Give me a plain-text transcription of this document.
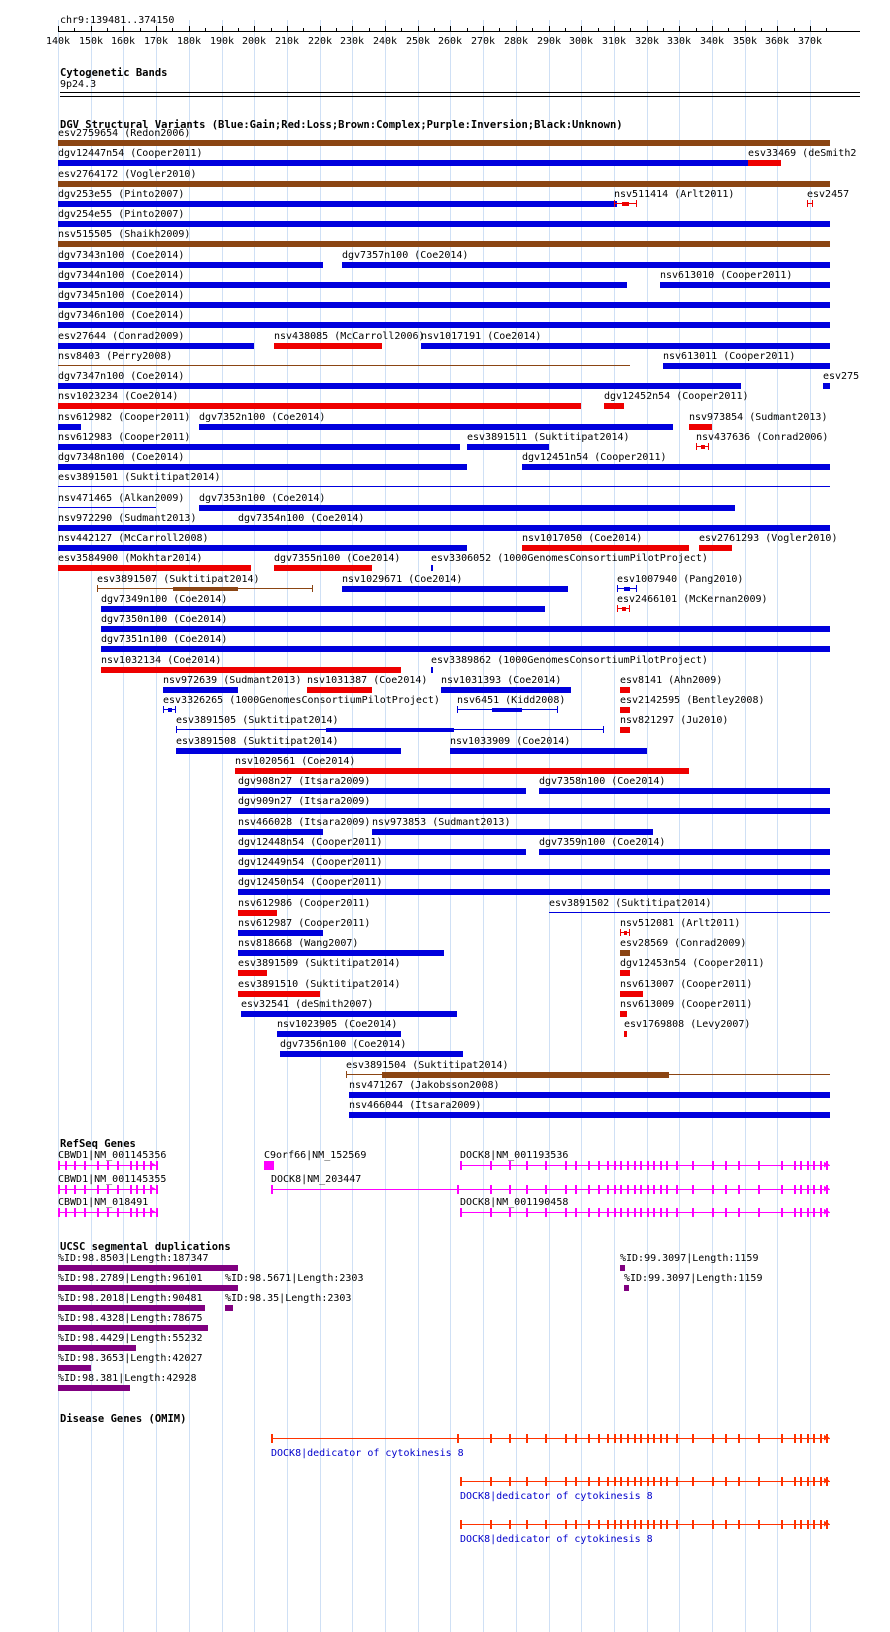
chr9:139481..374150
140k 150k 160k 170k 180k 190k 200k 210k 220k 230k 240k 250k 260k 270k 280k 290k 300k 310k 320k 330k 340k 350k 360k 370k
Cytogenetic Bands
9p24.3
DGV Structural Variants (Blue:Gain;Red:Loss;Brown:Complex;Purple:Inversion;Black:Unknown)
esv2759654 (Redon2006)
dgv12447n54 (Cooper2011)	esv33469 (deSmith2
esv2764172 (Vogler2010)
dgv253e55 (Pinto2007)	nsv511414 (Arlt2011)	esv2457
dgv254e55 (Pinto2007)
nsv515505 (Shaikh2009)
dgv7343n100 (Coe2014)	dgv7357n100 (Coe2014)
dgv7344n100 (Coe2014)	nsv613010 (Cooper2011)
dgv7345n100 (Coe2014)
dgv7346n100 (Coe2014)
esv27644 (Conrad2009)	nsv438085 (McCarroll2006)
nsv1017191 (Coe2014)
nsv8403 (Perry2008)	nsv613011 (Cooper2011)
dgv7347n100 (Coe2014)	esv275
nsv1023234 (Coe2014)	dgv12452n54 (Cooper2011)
nsv612982 (Cooper2011) dgv7352n100 (Coe2014)	nsv973854 (Sudmant2013)
nsv612983 (Cooper2011)	esv3891511 (Suktitipat2014)	nsv437636 (Conrad2006)
dgv7348n100 (Coe2014)	dgv12451n54 (Cooper2011)
esv3891501 (Suktitipat2014)
nsv471465 (Alkan2009) dgv7353n100 (Coe2014)
nsv972290 (Sudmant2013)	dgv7354n100 (Coe2014)
nsv442127 (McCarroll2008)	nsv1017050 (Coe2014)	esv2761293 (Vogler2010)
esv3584900 (Mokhtar2014)	dgv7355n100 (Coe2014)	esv3306052 (1000GenomesConsortiumPilotProject)
esv3891507 (Suktitipat2014)	nsv1029671 (Coe2014)	esv1007940 (Pang2010)
dgv7349n100 (Coe2014)	esv2466101 (McKernan2009)
dgv7350n100 (Coe2014)
dgv7351n100 (Coe2014)
nsv1032134 (Coe2014)	esv3389862 (1000GenomesConsortiumPilotProject)
nsv972639 (Sudmant2013) nsv1031387 (Coe2014) nsv1031393 (Coe2014)	esv8141 (Ahn2009)
esv3326265 (1000GenomesConsortiumPilotProject) nsv6451 (Kidd2008)	esv2142595 (Bentley2008)
esv3891505 (Suktitipat2014)	nsv821297 (Ju2010)
esv3891508 (Suktitipat2014)	nsv1033909 (Coe2014)
nsv1020561 (Coe2014)
dgv908n27 (Itsara2009)	dgv7358n100 (Coe2014)
dgv909n27 (Itsara2009)
nsv466028 (Itsara2009) nsv973853 (Sudmant2013)
dgv12448n54 (Cooper2011)	dgv7359n100 (Coe2014)
dgv12449n54 (Cooper2011)
dgv12450n54 (Cooper2011)
nsv612986 (Cooper2011)	esv3891502 (Suktitipat2014)
nsv612987 (Cooper2011)	nsv512081 (Arlt2011)
nsv818668 (Wang2007)	esv28569 (Conrad2009)
esv3891509 (Suktitipat2014)	dgv12453n54 (Cooper2011)
esv3891510 (Suktitipat2014)	nsv613007 (Cooper2011)
esv32541 (deSmith2007)	nsv613009 (Cooper2011)
nsv1023905 (Coe2014)	esv1769808 (Levy2007)
dgv7356n100 (Coe2014)
esv3891504 (Suktitipat2014)
nsv471267 (Jakobsson2008)
nsv466044 (Itsara2009)
RefSeq Genes
CBWD1|NM_001145356
▶
C9orf66|NM_152569	DOCK8|NM_001193536
▶
CBWD1|NM_001145355
▶
DOCK8|NM_203447
▶
CBWD1|NM_018491
▶
DOCK8|NM_001190458
▶
UCSC segmental duplications
%ID:98.8503|Length:187347	%ID:99.3097|Length:1159
%ID:98.2789|Length:96101 %ID:98.5671|Length:2303	%ID:99.3097|Length:1159
%ID:98.2018|Length:90481 %ID:98.35|Length:2303
%ID:98.4328|Length:78675
%ID:98.4429|Length:55232
%ID:98.3653|Length:42027
%ID:98.381|Length:42928
Disease Genes (OMIM)
DOCK8|dedicator of cytokinesis 8
▶
DOCK8|dedicator of cytokinesis 8
▶
DOCK8|dedicator of cytokinesis 8
▶
